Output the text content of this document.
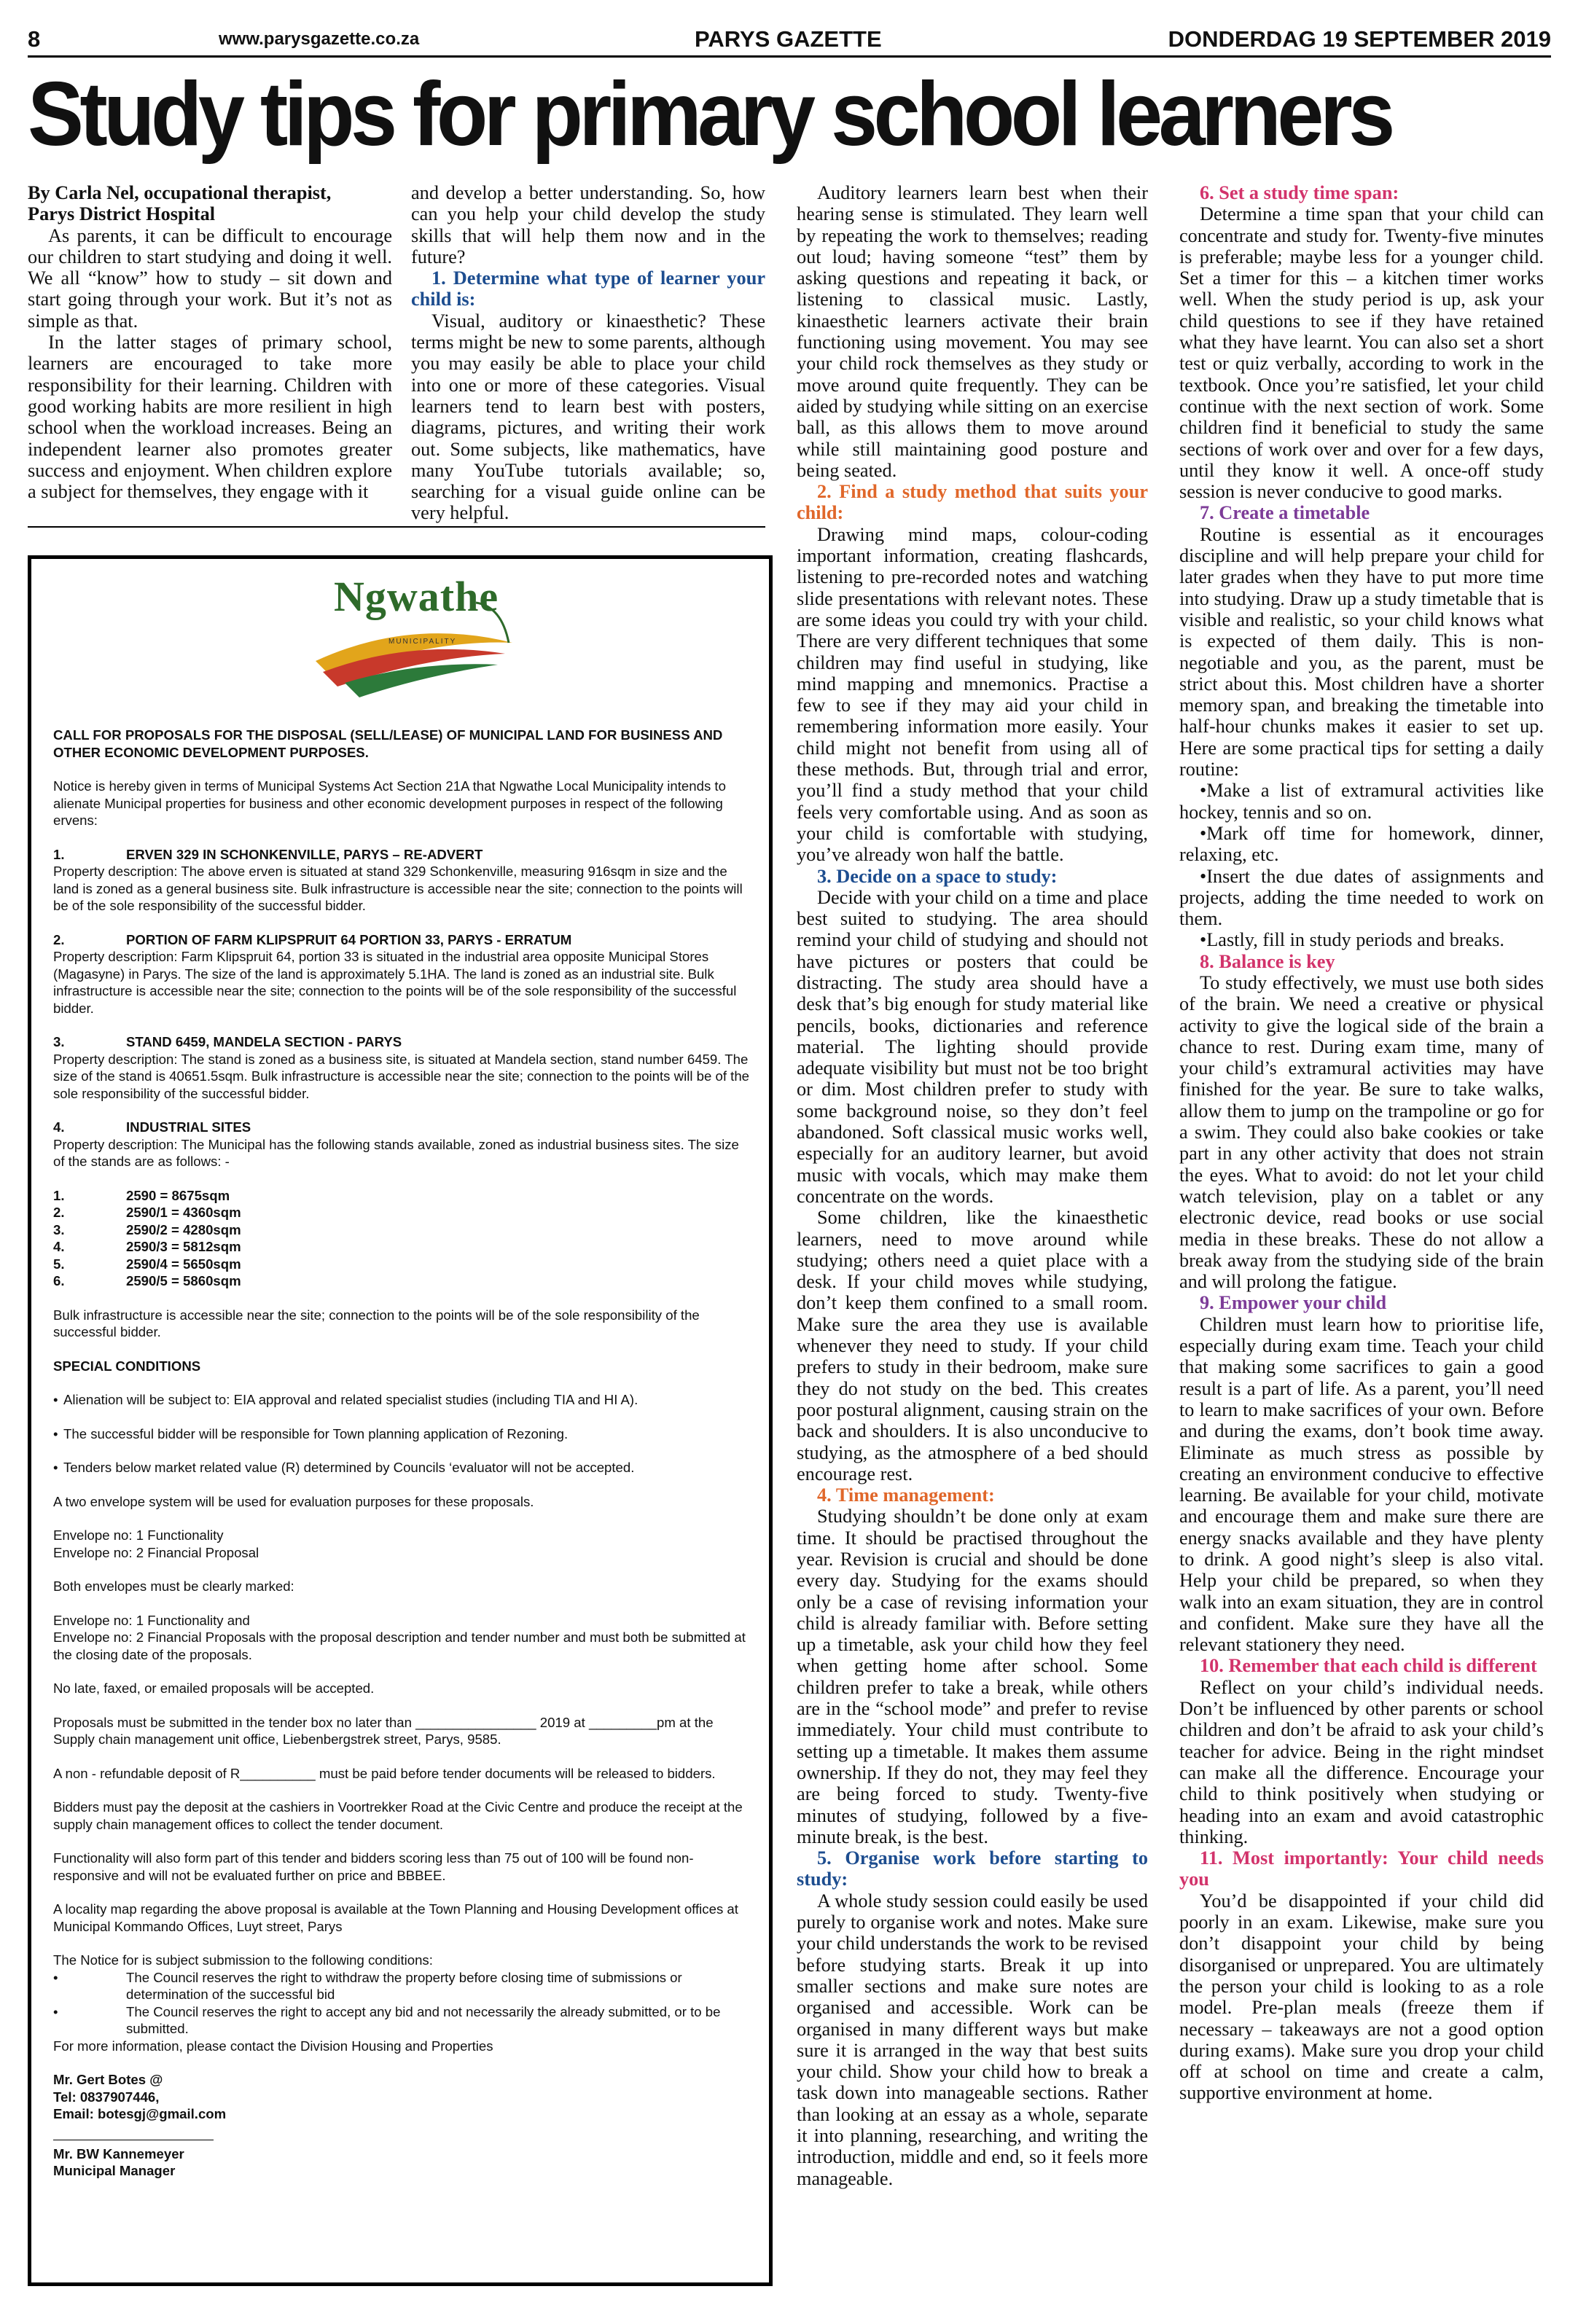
8	www.parysgazette.co.za	PARYS GAZETTE	DONDERDAG 19 SEPTEMBER 2019
Study tips for primary school learners

By Carla Nel, occupational therapist,

Parys District Hospital

As parents, it can be difficult to encourage our children to start studying and doing it well. We all “know” how to study – sit down and start going through your work. But it’s not as simple as that.

In the latter stages of primary school, learners are encouraged to take more responsibility for their learning. Children with good working habits are more resilient in high school when the workload increases. Being an independent learner also promotes greater success and enjoyment. When children explore a subject for themselves, they engage with it

and develop a better understanding. So, how can you help your child develop the study skills that will help them now and in the future?

1. Determine what type of learner your child is:

Visual, auditory or kinaesthetic? These terms might be new to some parents, although you may easily be able to place your child into one or more of these categories. Visual learners tend to learn best with posters, diagrams, pictures, and writing their work out. Some subjects, like mathematics, have many YouTube tutorials available; so, searching for a visual guide online can be very helpful.

Auditory learners learn best when their hearing sense is stimulated. They learn well by repeating the work to themselves; reading out loud; having someone “test” them by asking questions and repeating it back, or listening to classical music. Lastly, kinaesthetic learners activate their brain functioning using movement. You may see your child rock themselves as they study or move around quite frequently. They can be aided by studying while sitting on an exercise ball, as this allows them to move around while still maintaining good posture and being seated.

2. Find a study method that suits your child:

Drawing mind maps, colour-coding important information, creating flashcards, listening to pre-recorded notes and watching slide presentations with relevant notes. These are some ideas you could try with your child. There are very different techniques that some children may find useful in studying, like mind mapping and mnemonics. Practise a few to see if they may aid your child in remembering information more easily. Your child might not benefit from using all of these methods. But, through trial and error, you’ll find a study method that your child feels very comfortable using. And as soon as your child is comfortable with studying, you’ve already won half the battle.

3. Decide on a space to study:

Decide with your child on a time and place best suited to studying. The area should remind your child of studying and should not have pictures or posters that could be distracting. The study area should have a desk that’s big enough for study material like pencils, books, dictionaries and reference material. The lighting should provide adequate visibility but must not be too bright or dim. Most children prefer to study with some background noise, so they don’t feel abandoned. Soft classical music works well, especially for an auditory learner, but avoid music with vocals, which may make them concentrate on the words.

Some children, like the kinaesthetic learners, need to move around while studying; others need a quiet place with a desk. If your child moves while studying, don’t keep them confined to a small room. Make sure the area they use is available whenever they need to study. If your child prefers to study in their bedroom, make sure they do not study on the bed. This creates poor postural alignment, causing strain on the back and shoulders. It is also unconducive to studying, as the atmosphere of a bed should encourage rest.

4. Time management:

Studying shouldn’t be done only at exam time. It should be practised throughout the year. Revision is crucial and should be done every day. Studying for the exams should only be a case of revising information your child is already familiar with. Before setting up a timetable, ask your child how they feel when getting home after school. Some children prefer to take a break, while others are in the “school mode” and prefer to revise immediately. Your child must contribute to setting up a timetable. It makes them assume ownership. If they do not, they may feel they are being forced to study. Twenty-five minutes of studying, followed by a five-minute break, is the best.

5. Organise work before starting to study:

A whole study session could easily be used purely to organise work and notes. Make sure your child understands the work to be revised before studying starts. Break it up into smaller sections and make sure notes are organised and accessible. Work can be organised in many different ways but make sure it is arranged in the way that best suits your child. Show your child how to break a task down into manageable sections. Rather than looking at an essay as a whole, separate it into planning, researching, and writing the introduction, middle and end, so it feels more manageable.

6. Set a study time span:

Determine a time span that your child can concentrate and study for. Twenty-five minutes is preferable; maybe less for a younger child. Set a timer for this – a kitchen timer works well. When the study period is up, ask your child questions to see if they have retained what they have learnt. You can also set a short test or quiz verbally, according to work in the textbook. Once you’re satisfied, let your child continue with the next section of work. Some children find it beneficial to study the same sections of work over and over for a few days, until they know it well. A once-off study session is never conducive to good marks.

7. Create a timetable

Routine is essential as it encourages discipline and will help prepare your child for later grades when they have to put more time into studying. Draw up a study timetable that is visible and realistic, so your child knows what is expected of them daily. This is non-negotiable and you, as the parent, must be strict about this. Most children have a shorter memory span, and breaking the timetable into half-hour chunks makes it easier to set up. Here are some practical tips for setting a daily routine:

•Make a list of extramural activities like hockey, tennis and so on.

•Mark off time for homework, dinner, relaxing, etc.

•Insert the due dates of assignments and projects, adding the time needed to work on them.

•Lastly, fill in study periods and breaks.

8. Balance is key

To study effectively, we must use both sides of the brain. We need a creative or physical activity to give the logical side of the brain a chance to rest. During exam time, many of your child’s extramural activities may have finished for the year. Be sure to take walks, allow them to jump on the trampoline or go for a swim. They could also bake cookies or take part in any other activity that does not strain the eyes. What to avoid: do not let your child watch television, play on a tablet or any electronic device, read books or use social media in these breaks. These do not allow a break away from the studying side of the brain and will prolong the fatigue.

9. Empower your child

Children must learn how to prioritise life, especially during exam time. Teach your child that making some sacrifices to gain a good result is a part of life. As a parent, you’ll need to learn to make sacrifices of your own. Before and during the exams, don’t book time away. Eliminate as much stress as possible by creating an environment conducive to effective learning. Be available for your child, motivate and encourage them and make sure there are energy snacks available and they have plenty to drink. A good night’s sleep is also vital. Help your child be prepared, so when they walk into an exam situation, they are in control and confident. Make sure they have all the relevant stationery they need.

10. Remember that each child is different

Reflect on your child’s individual needs. Don’t be influenced by other parents or school children and don’t be afraid to ask your child’s teacher for advice. Being in the right mindset can make all the difference. Encourage your child to think positively when studying or heading into an exam and avoid catastrophic thinking.

11. Most importantly: Your child needs you

You’d be disappointed if your child did poorly in an exam. Likewise, make sure you don’t disappoint your child by being disorganised or unprepared. You are ultimately the person your child is looking to as a role model. Pre-plan meals (freeze them if necessary – takeaways are not a good option during exams). Make sure you drop your child off at school on time and create a calm, supportive environment at home.

Ngwathe
MUNICIPALITY

CALL FOR PROPOSALS FOR THE DISPOSAL (SELL/LEASE) OF MUNICIPAL LAND FOR BUSINESS AND OTHER ECONOMIC DEVELOPMENT PURPOSES.

Notice is hereby given in terms of Municipal Systems Act Section 21A that Ngwathe Local Municipality intends to alienate Municipal properties for business and other economic development purposes in respect of the following ervens:

1.	ERVEN 329 IN SCHONKENVILLE, PARYS – RE-ADVERT
Property description: The above erven is situated at stand 329 Schonkenville, measuring 916sqm in size and the land is zoned as a general business site. Bulk infrastructure is accessible near the site; connection to the points will be of the sole responsibility of the successful bidder.

2.	PORTION OF FARM KLIPSPRUIT 64 PORTION 33, PARYS - ERRATUM
Property description: Farm Klipspruit 64, portion 33 is situated in the industrial area opposite Municipal Stores (Magasyne) in Parys. The size of the land is approximately 5.1HA. The land is zoned as an industrial site. Bulk infrastructure is accessible near the site; connection to the points will be of the sole responsibility of the successful bidder.

3.	STAND 6459, MANDELA SECTION - PARYS
Property description: The stand is zoned as a business site, is situated at Mandela section, stand number 6459. The size of the stand is 40651.5sqm. Bulk infrastructure is accessible near the site; connection to the points will be of the sole responsibility of the successful bidder.

4.	INDUSTRIAL SITES
Property description: The Municipal has the following stands available, zoned as industrial business sites. The size of the stands are as follows: -

1.	2590 = 8675sqm
2.	2590/1 = 4360sqm
3.	2590/2 = 4280sqm
4.	2590/3 = 5812sqm
5.	2590/4 = 5650sqm
6.	2590/5 = 5860sqm

Bulk infrastructure is accessible near the site; connection to the points will be of the sole responsibility of the successful bidder.

SPECIAL CONDITIONS

• Alienation will be subject to: EIA approval and related specialist studies (including TIA and HI A).
• The successful bidder will be responsible for Town planning application of Rezoning.
• Tenders below market related value (R) determined by Councils ‘evaluator will not be accepted.

A two envelope system will be used for evaluation purposes for these proposals.

Envelope no: 1 Functionality
Envelope no: 2 Financial Proposal

Both envelopes must be clearly marked:

Envelope no: 1 Functionality and
Envelope no: 2 Financial Proposals with the proposal description and tender number and must both be submitted at the closing date of the proposals.

No late, faxed, or emailed proposals will be accepted.

Proposals must be submitted in the tender box no later than ________________ 2019 at _________pm at the Supply chain management unit office, Liebenbergstrek street, Parys, 9585.

A non - refundable deposit of R__________ must be paid before tender documents will be released to bidders.

Bidders must pay the deposit at the cashiers in Voortrekker Road at the Civic Centre and produce the receipt at the supply chain management offices to collect the tender document.

Functionality will also form part of this tender and bidders scoring less than 75 out of 100 will be found non-responsive and will not be evaluated further on price and BBBEE.

A locality map regarding the above proposal is available at the Town Planning and Housing Development offices at Municipal Kommando Offices, Luyt street, Parys

The Notice for is subject submission to the following conditions:
•	The Council reserves the right to withdraw the property before closing time of submissions or determination of the successful bid
•	The Council reserves the right to accept any bid and not necessarily the already submitted, or to be submitted.
For more information, please contact the Division Housing and Properties

Mr. Gert Botes @
Tel: 0837907446,
Email: botesgj@gmail.com

Mr. BW Kannemeyer
Municipal Manager
